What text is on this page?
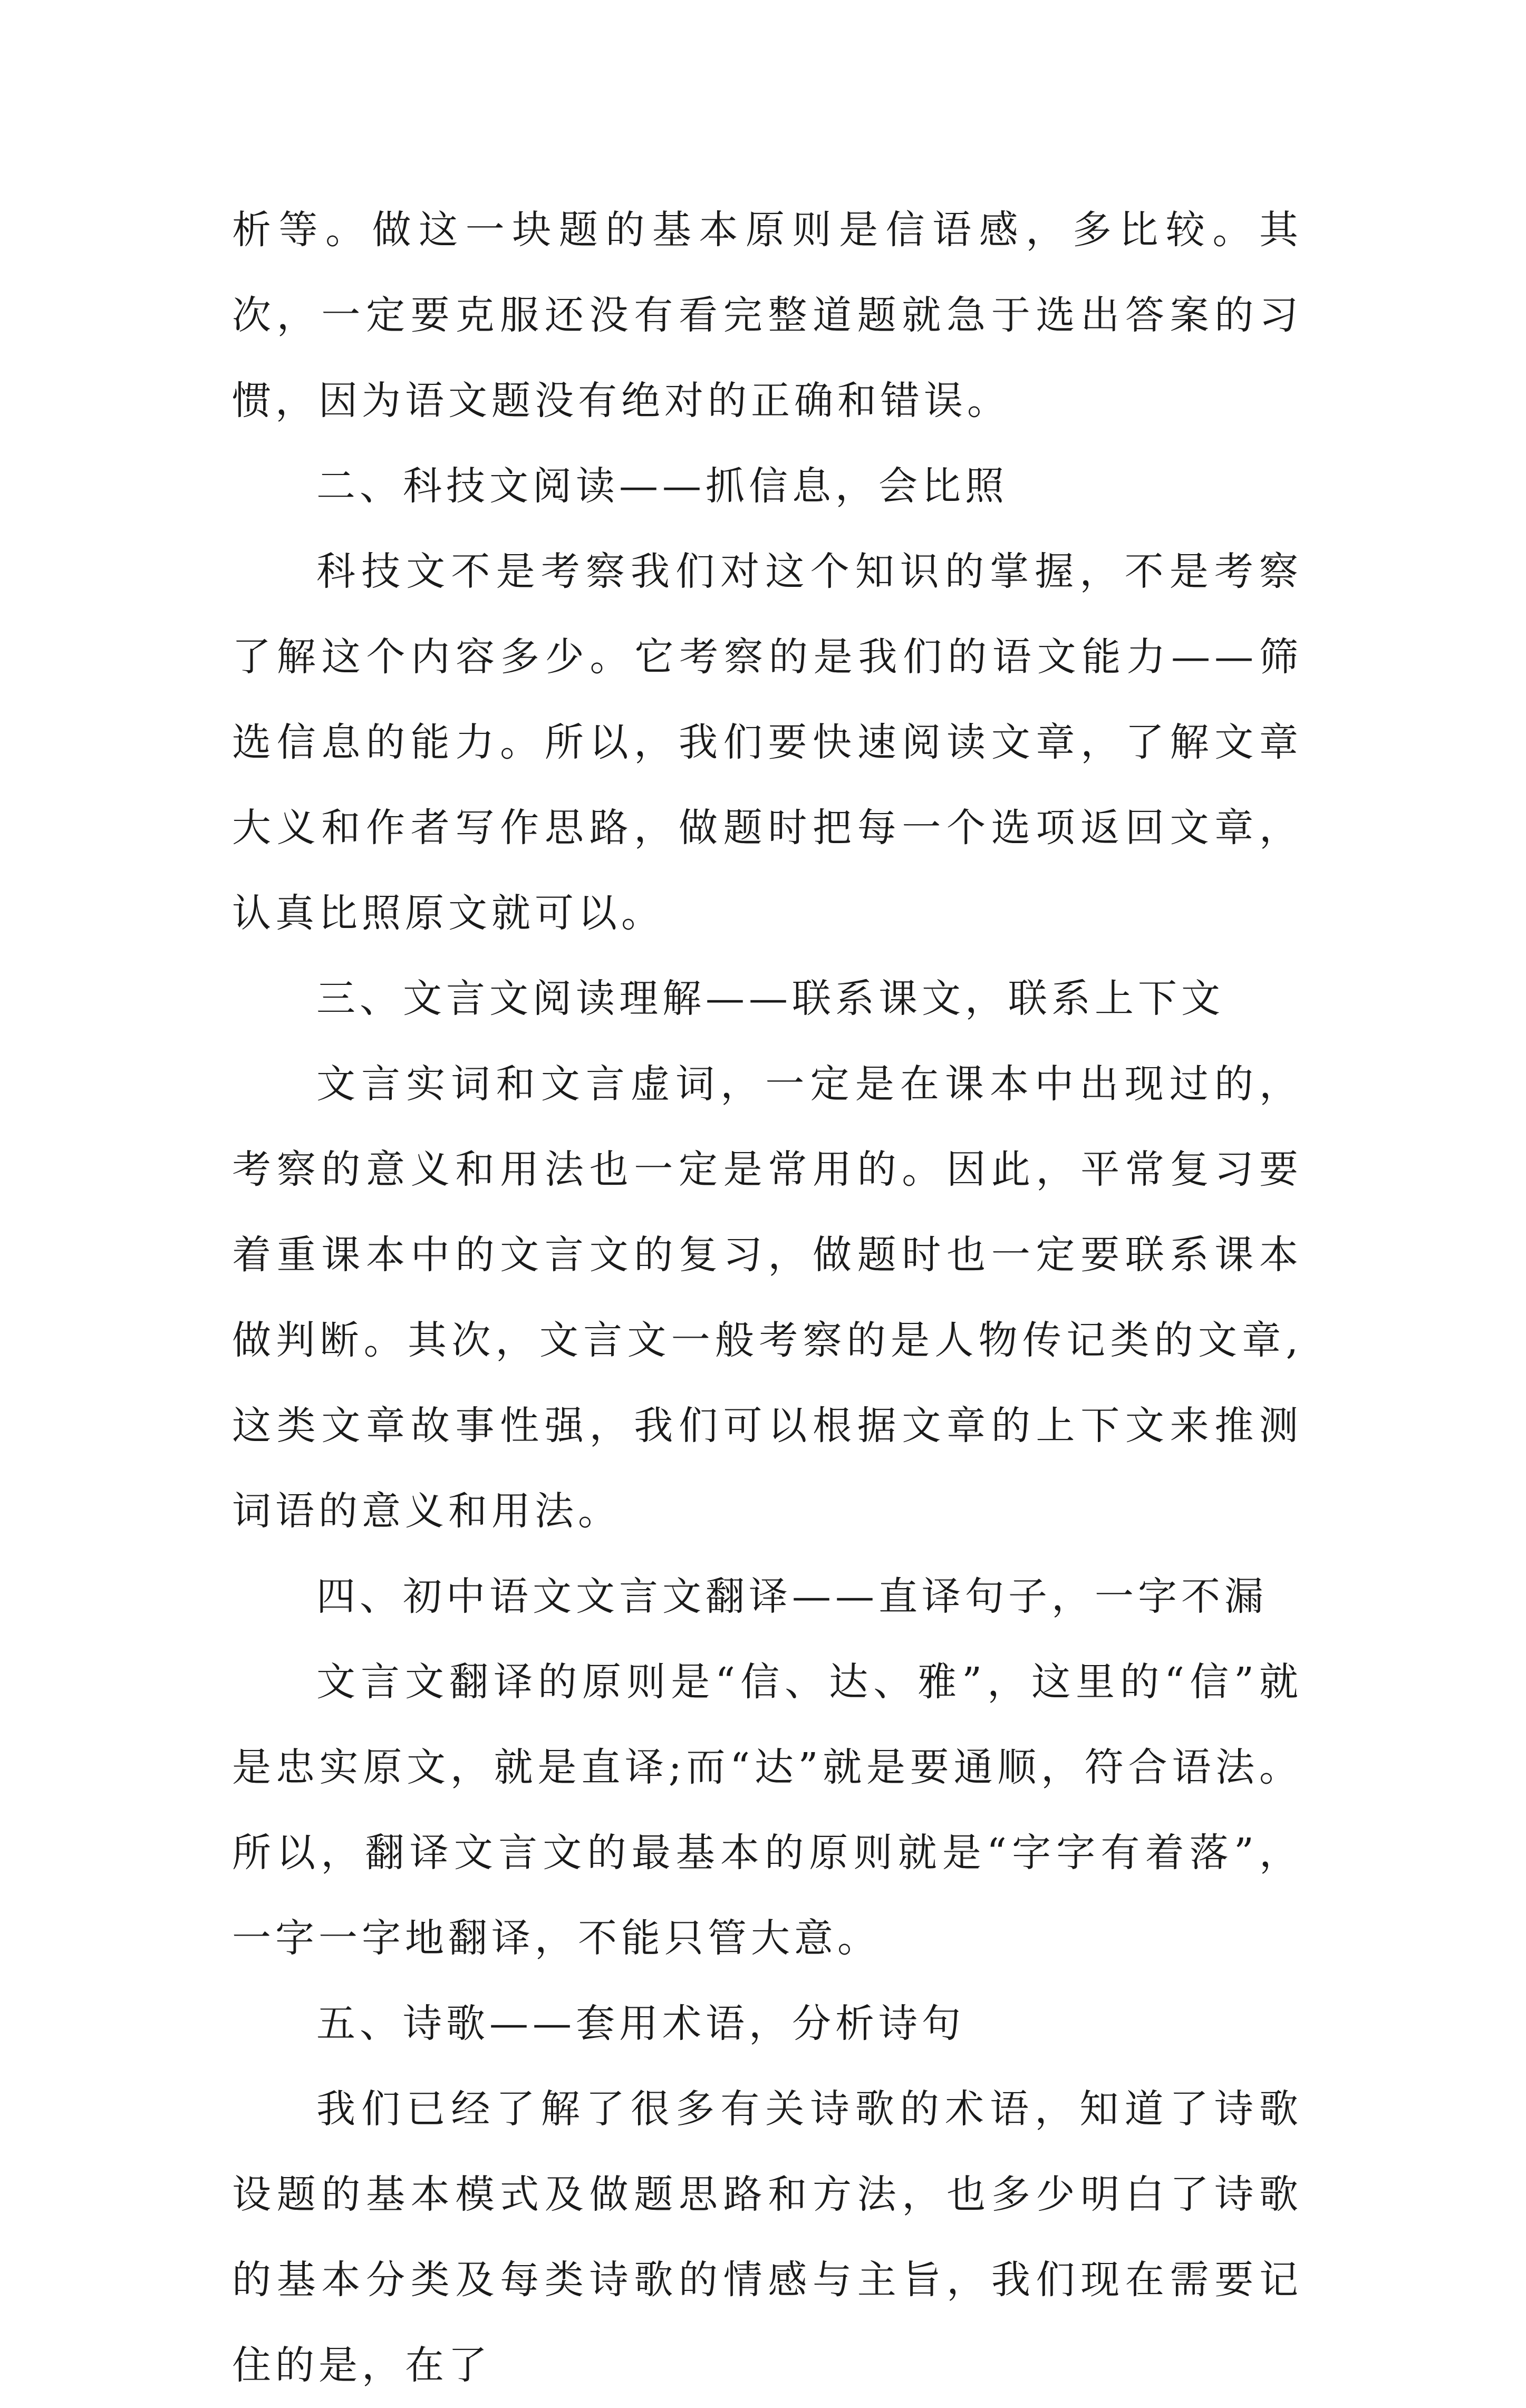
析等。做这一块题的基本原则是信语感，多比较。其次，一定要克服还没有看完整道题就急于选出答案的习惯，因为语文题没有绝对的正确和错误。

二、科技文阅读——抓信息，会比照

科技文不是考察我们对这个知识的掌握，不是考察了解这个内容多少。它考察的是我们的语文能力——筛选信息的能力。所以，我们要快速阅读文章，了解文章大义和作者写作思路，做题时把每一个选项返回文章，认真比照原文就可以。

三、文言文阅读理解——联系课文，联系上下文

文言实词和文言虚词，一定是在课本中出现过的，考察的意义和用法也一定是常用的。因此，平常复习要着重课本中的文言文的复习，做题时也一定要联系课本做判断。其次，文言文一般考察的是人物传记类的文章,这类文章故事性强，我们可以根据文章的上下文来推测词语的意义和用法。

四、初中语文文言文翻译——直译句子，一字不漏

文言文翻译的原则是“信、达、雅”，这里的“信”就是忠实原文，就是直译;而“达”就是要通顺，符合语法。所以，翻译文言文的最基本的原则就是“字字有着落”，一字一字地翻译，不能只管大意。

五、诗歌——套用术语，分析诗句

我们已经了解了很多有关诗歌的术语，知道了诗歌设题的基本模式及做题思路和方法，也多少明白了诗歌的基本分类及每类诗歌的情感与主旨，我们现在需要记住的是，在了
